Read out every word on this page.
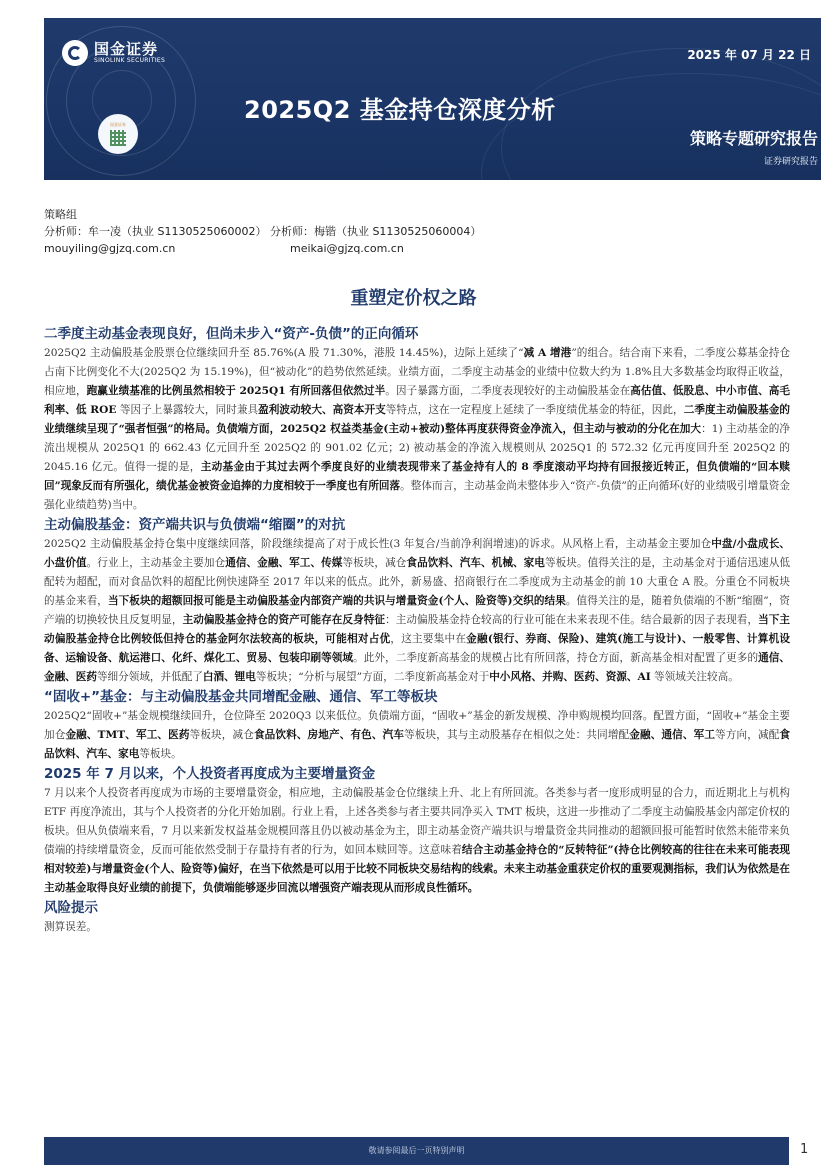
国金证券
SINOLINK SECURITIES
国金证券
2025 年 07 月 22 日
2025Q2 基金持仓深度分析
策略专题研究报告
证券研究报告
策略组
分析师：牟一凌（执业 S1130525060002） 分析师：梅锴（执业 S1130525060004）
mouyiling@gjzq.com.cn	meikai@gjzq.com.cn
重塑定价权之路
二季度主动基金表现良好，但尚未步入“资产-负债”的正向循环
2025Q2 主动偏股基金股票仓位继续回升至 85.76%(A 股 71.30%，港股 14.45%)，边际上延续了“减 A 增港”的组合。结合南下来看，二季度公募基金持仓占南下比例变化不大(2025Q2 为 15.19%)，但“被动化”的趋势依然延续。业绩方面，二季度主动基金的业绩中位数大约为 1.8%且大多数基金均取得正收益，相应地，跑赢业绩基准的比例虽然相较于 2025Q1 有所回落但依然过半。因子暴露方面，二季度表现较好的主动偏股基金在高估值、低股息、中小市值、高毛利率、低 ROE 等因子上暴露较大，同时兼具盈利波动较大、高资本开支等特点，这在一定程度上延续了一季度绩优基金的特征，因此，二季度主动偏股基金的业绩继续呈现了“强者恒强”的格局。负债端方面，2025Q2 权益类基金(主动+被动)整体再度获得资金净流入，但主动与被动的分化在加大：1) 主动基金的净流出规模从 2025Q1 的 662.43 亿元回升至 2025Q2 的 901.02 亿元；2) 被动基金的净流入规模则从 2025Q1 的 572.32 亿元再度回升至 2025Q2 的 2045.16 亿元。值得一提的是，主动基金由于其过去两个季度良好的业绩表现带来了基金持有人的 8 季度滚动平均持有回报接近转正，但负债端的“回本赎回”现象反而有所强化，绩优基金被资金追捧的力度相较于一季度也有所回落。整体而言，主动基金尚未整体步入“资产-负债”的正向循环(好的业绩吸引增量资金强化业绩趋势)当中。
主动偏股基金：资产端共识与负债端“缩圈”的对抗
2025Q2 主动偏股基金持仓集中度继续回落，阶段继续提高了对于成长性(3 年复合/当前净利润增速)的诉求。从风格上看，主动基金主要加仓中盘/小盘成长、小盘价值。行业上，主动基金主要加仓通信、金融、军工、传媒等板块，减仓食品饮料、汽车、机械、家电等板块。值得关注的是，主动基金对于通信迅速从低配转为超配，而对食品饮料的超配比例快速降至 2017 年以来的低点。此外，新易盛、招商银行在二季度成为主动基金的前 10 大重仓 A 股。分重仓不同板块的基金来看，当下板块的超额回报可能是主动偏股基金内部资产端的共识与增量资金(个人、险资等)交织的结果。值得关注的是，随着负债端的不断“缩圈”，资产端的切换较快且反复明显，主动偏股基金持仓的资产可能存在反身特征：主动偏股基金持仓较高的行业可能在未来表现不佳。结合最新的因子表现看，当下主动偏股基金持仓比例较低但持仓的基金阿尔法较高的板块，可能相对占优，这主要集中在金融(银行、券商、保险)、建筑(施工与设计)、一般零售、计算机设备、运输设备、航运港口、化纤、煤化工、贸易、包装印刷等领域。此外，二季度新高基金的规模占比有所回落，持仓方面，新高基金相对配置了更多的通信、金融、医药等细分领域，并低配了白酒、锂电等板块；“分析与展望”方面，二季度新高基金对于中小风格、并购、医药、资源、AI 等领域关注较高。
“固收+”基金：与主动偏股基金共同增配金融、通信、军工等板块
2025Q2“固收+”基金规模继续回升，仓位降至 2020Q3 以来低位。负债端方面，“固收+”基金的新发规模、净申购规模均回落。配置方面，“固收+”基金主要加仓金融、TMT、军工、医药等板块，减仓食品饮料、房地产、有色、汽车等板块，其与主动股基存在相似之处：共同增配金融、通信、军工等方向，减配食品饮料、汽车、家电等板块。
2025 年 7 月以来，个人投资者再度成为主要增量资金
7 月以来个人投资者再度成为市场的主要增量资金，相应地，主动偏股基金仓位继续上升、北上有所回流。各类参与者一度形成明显的合力，而近期北上与机构 ETF 再度净流出，其与个人投资者的分化开始加剧。行业上看，上述各类参与者主要共同净买入 TMT 板块，这进一步推动了二季度主动偏股基金内部定价权的板块。但从负债端来看，7 月以来新发权益基金规模回落且仍以被动基金为主，即主动基金资产端共识与增量资金共同推动的超额回报可能暂时依然未能带来负债端的持续增量资金，反而可能依然受制于存量持有者的行为，如回本赎回等。这意味着结合主动基金持仓的“反转特征”(持仓比例较高的往往在未来可能表现相对较差)与增量资金(个人、险资等)偏好，在当下依然是可以用于比较不同板块交易结构的线索。未来主动基金重获定价权的重要观测指标，我们认为依然是在主动基金取得良好业绩的前提下，负债端能够逐步回流以增强资产端表现从而形成良性循环。
风险提示
测算误差。
敬请参阅最后一页特别声明	1
